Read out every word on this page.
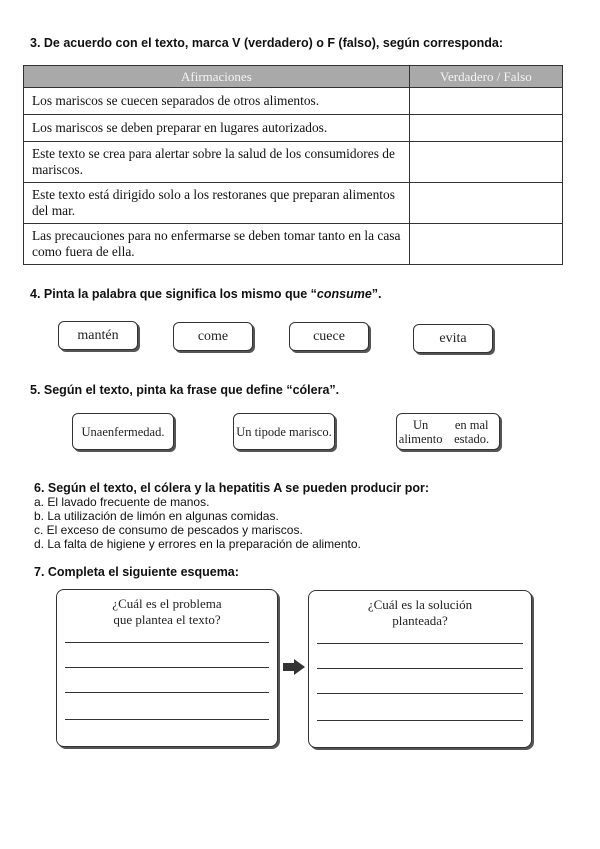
3. De acuerdo con el texto, marca V (verdadero) o F (falso), según corresponda:
Afirmaciones	Verdadero / Falso
Los mariscos se cuecen separados de otros alimentos.	
Los mariscos se deben preparar en lugares autorizados.	
Este texto se crea para alertar sobre la salud de los consumidores de mariscos.	
Este texto está dirigido solo a los restoranes que preparan alimentos del mar.	
Las precauciones para no enfermarse se deben tomar tanto en la casa como fuera de ella.	
4. Pinta la palabra que significa los mismo que “consume”.
mantén	come	cuece	evita
5. Según el texto, pinta ka frase que define “cólera”.
Una enfermedad.	Un tipo de marisco.	Un alimento
en mal estado.
6. Según el texto, el cólera y la hepatitis A se pueden producir por:
a. El lavado frecuente de manos.
b. La utilización de limón en algunas comidas.
c. El exceso de consumo de pescados y mariscos.
d. La falta de higiene y errores en la preparación de alimento.
7. Completa el siguiente esquema:
¿Cuál es el problema
que plantea el texto?
¿Cuál es la solución
planteada?
